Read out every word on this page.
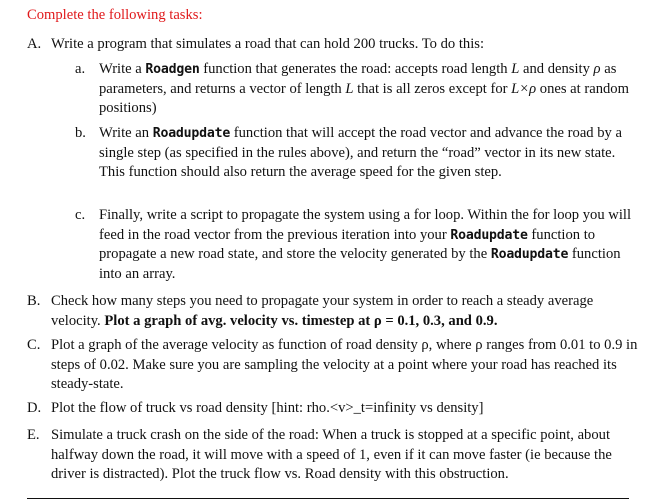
Complete the following tasks:
A. Write a program that simulates a road that can hold 200 trucks. To do this:
a. Write a Roadgen function that generates the road: accepts road length L and density ρ as parameters, and returns a vector of length L that is all zeros except for L×ρ ones at random positions)
b. Write an Roadupdate function that will accept the road vector and advance the road by a single step (as specified in the rules above), and return the “road” vector in its new state. This function should also return the average speed for the given step.
c. Finally, write a script to propagate the system using a for loop. Within the for loop you will feed in the road vector from the previous iteration into your Roadupdate function to propagate a new road state, and store the velocity generated by the Roadupdate function into an array.
B. Check how many steps you need to propagate your system in order to reach a steady average velocity. Plot a graph of avg. velocity vs. timestep at ρ = 0.1, 0.3, and 0.9.
C. Plot a graph of the average velocity as function of road density ρ, where ρ ranges from 0.01 to 0.9 in steps of 0.02. Make sure you are sampling the velocity at a point where your road has reached its steady-state.
D. Plot the flow of truck vs road density [hint: rho.<v>_t=infinity vs density]
E. Simulate a truck crash on the side of the road: When a truck is stopped at a specific point, about halfway down the road, it will move with a speed of 1, even if it can move faster (ie because the driver is distracted). Plot the truck flow vs. Road density with this obstruction.
